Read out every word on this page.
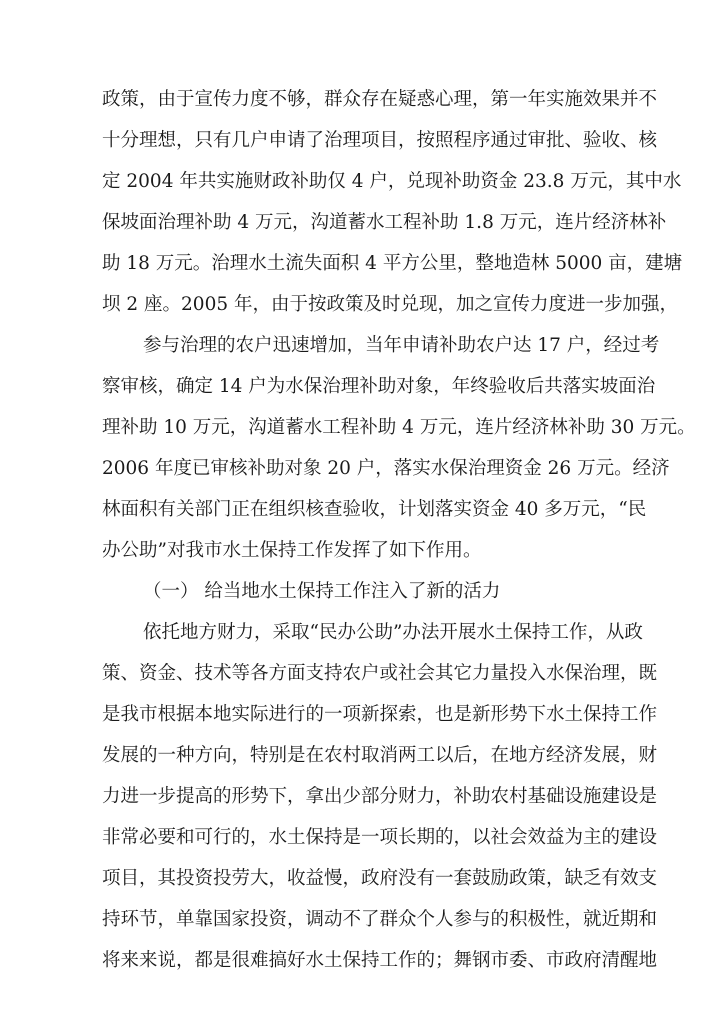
政策，由于宣传力度不够，群众存在疑惑心理，第一年实施效果并不
十分理想，只有几户申请了治理项目，按照程序通过审批、验收、核
定 2004 年共实施财政补助仅 4 户，兑现补助资金 23.8 万元，其中水
保坡面治理补助 4 万元，沟道蓄水工程补助 1.8 万元，连片经济林补
助 18 万元。治理水土流失面积 4 平方公里，整地造林 5000 亩，建塘
坝 2 座。2005 年，由于按政策及时兑现，加之宣传力度进一步加强，
参与治理的农户迅速增加，当年申请补助农户达 17 户，经过考
察审核，确定 14 户为水保治理补助对象，年终验收后共落实坡面治
理补助 10 万元，沟道蓄水工程补助 4 万元，连片经济林补助 30 万元。
2006 年度已审核补助对象 20 户，落实水保治理资金 26 万元。经济
林面积有关部门正在组织核查验收，计划落实资金 40 多万元，“民
办公助”对我市水土保持工作发挥了如下作用。
（一） 给当地水土保持工作注入了新的活力
依托地方财力，采取“民办公助”办法开展水土保持工作，从政
策、资金、技术等各方面支持农户或社会其它力量投入水保治理，既
是我市根据本地实际进行的一项新探索，也是新形势下水土保持工作
发展的一种方向，特别是在农村取消两工以后，在地方经济发展，财
力进一步提高的形势下，拿出少部分财力，补助农村基础设施建设是
非常必要和可行的，水土保持是一项长期的，以社会效益为主的建设
项目，其投资投劳大，收益慢，政府没有一套鼓励政策，缺乏有效支
持环节，单靠国家投资，调动不了群众个人参与的积极性，就近期和
将来来说，都是很难搞好水土保持工作的；舞钢市委、市政府清醒地
